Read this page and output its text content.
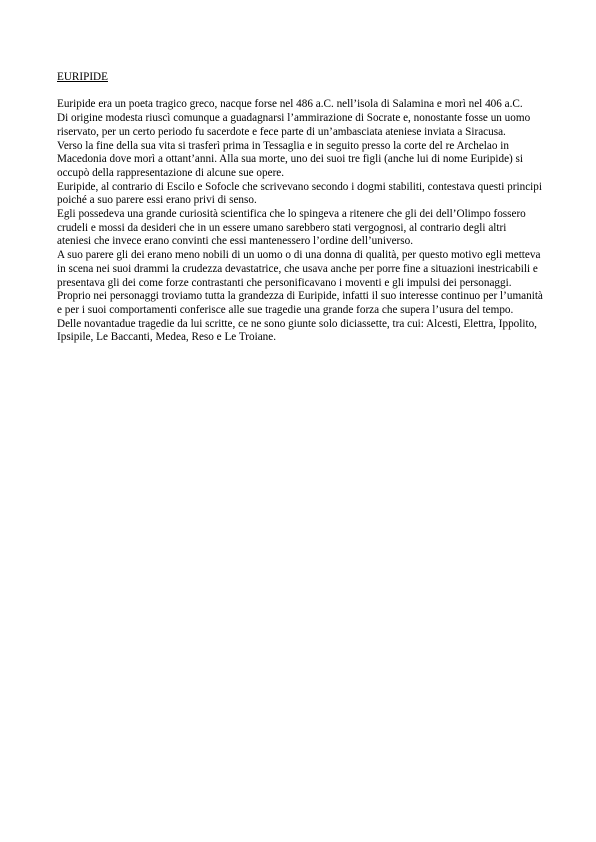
EURIPIDE

Euripide era un poeta tragico greco, nacque forse nel 486 a.C. nell’isola di Salamina e morì nel 406 a.C.

Di origine modesta riuscì comunque a guadagnarsi l’ammirazione di Socrate e, nonostante fosse un uomo riservato, per un certo periodo fu sacerdote e fece parte di un’ambasciata ateniese inviata a Siracusa.

Verso la fine della sua vita si trasferì prima in Tessaglia e in seguito presso la corte del re Archelao in Macedonia dove morì a ottant’anni. Alla sua morte, uno dei suoi tre figli (anche lui di nome Euripide) si occupò della rappresentazione di alcune sue opere.

Euripide, al contrario di Escilo e Sofocle che scrivevano secondo i dogmi stabiliti, contestava questi principi poiché a suo parere essi erano privi di senso.

Egli possedeva una grande curiosità scientifica che lo spingeva a ritenere che gli dei dell’Olimpo fossero crudeli e mossi da desideri che in un essere umano sarebbero stati vergognosi, al contrario degli altri ateniesi che invece erano convinti che essi mantenessero l’ordine dell’universo.

A suo parere gli dei erano meno nobili di un uomo o di una donna di qualità, per questo motivo egli metteva in scena nei suoi drammi la crudezza devastatrice, che usava anche per porre fine a situazioni inestricabili e presentava gli dei come forze contrastanti che personificavano i moventi e gli impulsi dei personaggi.

Proprio nei personaggi troviamo tutta la grandezza di Euripide, infatti il suo interesse continuo per l’umanità e per i suoi comportamenti conferisce alle sue tragedie una grande forza che supera l’usura del tempo.

Delle novantadue tragedie da lui scritte, ce ne sono giunte solo diciassette, tra cui: Alcesti, Elettra, Ippolito, Ipsipile, Le Baccanti, Medea, Reso e Le Troiane.
